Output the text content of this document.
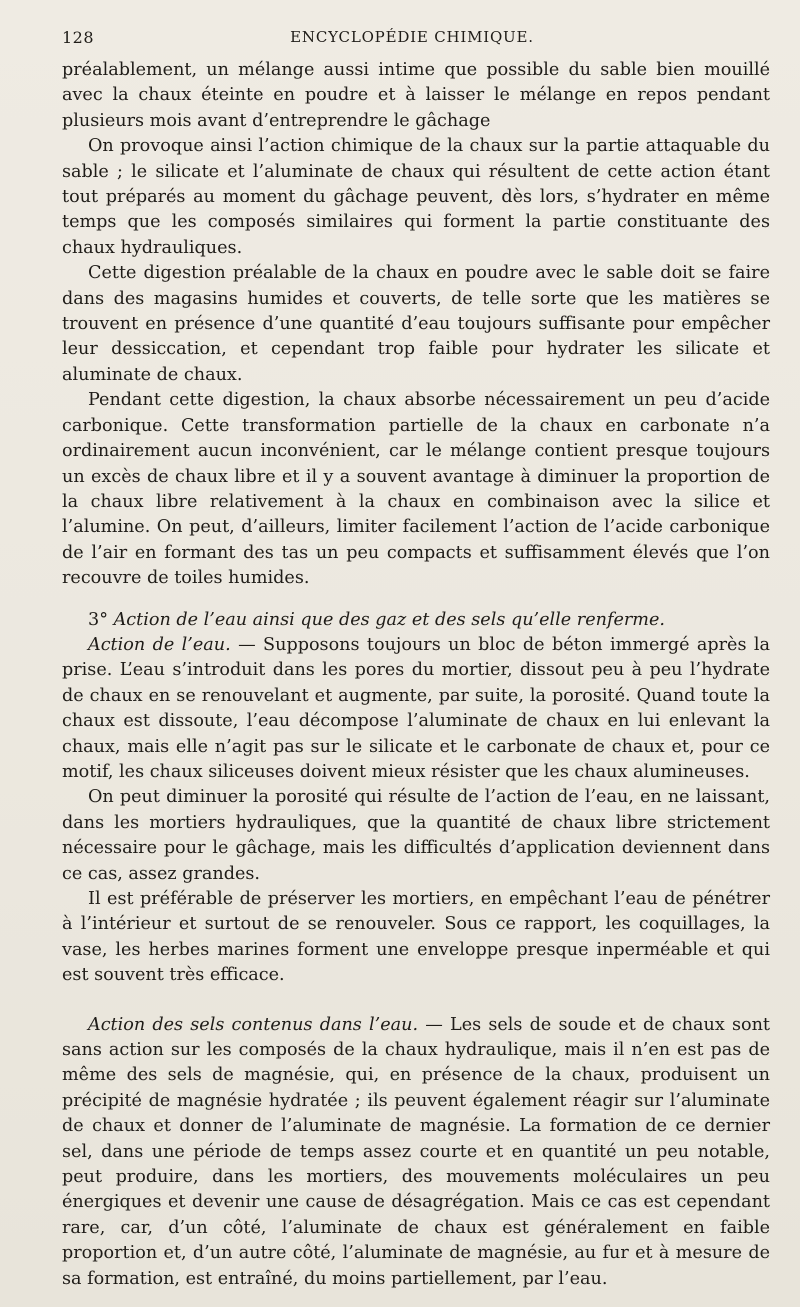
128	ENCYCLOPÉDIE CHIMIQUE.

préalablement, un mélange aussi intime que possible du sable bien mouillé avec la chaux éteinte en poudre et à laisser le mélange en repos pendant plusieurs mois avant d’entreprendre le gâchage

On provoque ainsi l’action chimique de la chaux sur la partie attaquable du sable ; le silicate et l’aluminate de chaux qui résultent de cette action étant tout préparés au moment du gâchage peuvent, dès lors, s’hydrater en même temps que les composés similaires qui forment la partie constituante des chaux hydrauliques.

Cette digestion préalable de la chaux en poudre avec le sable doit se faire dans des magasins humides et couverts, de telle sorte que les matières se trouvent en présence d’une quantité d’eau toujours suffisante pour empêcher leur dessiccation, et cependant trop faible pour hydrater les silicate et aluminate de chaux.

Pendant cette digestion, la chaux absorbe nécessairement un peu d’acide carbonique. Cette transformation partielle de la chaux en carbonate n’a ordinairement aucun inconvénient, car le mélange contient presque toujours un excès de chaux libre et il y a souvent avantage à diminuer la proportion de la chaux libre relativement à la chaux en combinaison avec la silice et l’alumine. On peut, d’ailleurs, limiter facilement l’action de l’acide carbonique de l’air en formant des tas un peu compacts et suffisamment élevés que l’on recouvre de toiles humides.

3° Action de l’eau ainsi que des gaz et des sels qu’elle renferme.

Action de l’eau. — Supposons toujours un bloc de béton immergé après la prise. L’eau s’introduit dans les pores du mortier, dissout peu à peu l’hydrate de chaux en se renouvelant et augmente, par suite, la porosité. Quand toute la chaux est dissoute, l’eau décompose l’aluminate de chaux en lui enlevant la chaux, mais elle n’agit pas sur le silicate et le carbonate de chaux et, pour ce motif, les chaux siliceuses doivent mieux résister que les chaux alumineuses.

On peut diminuer la porosité qui résulte de l’action de l’eau, en ne laissant, dans les mortiers hydrauliques, que la quantité de chaux libre strictement nécessaire pour le gâchage, mais les difficultés d’application deviennent dans ce cas, assez grandes.

Il est préférable de préserver les mortiers, en empêchant l’eau de pénétrer à l’intérieur et surtout de se renouveler. Sous ce rapport, les coquillages, la vase, les herbes marines forment une enveloppe presque inperméable et qui est souvent très efficace.

Action des sels contenus dans l’eau. — Les sels de soude et de chaux sont sans action sur les composés de la chaux hydraulique, mais il n’en est pas de même des sels de magnésie, qui, en présence de la chaux, produisent un précipité de magnésie hydratée ; ils peuvent également réagir sur l’aluminate de chaux et donner de l’aluminate de magnésie. La formation de ce dernier sel, dans une période de temps assez courte et en quantité un peu notable, peut produire, dans les mortiers, des mouvements moléculaires un peu énergiques et devenir une cause de désagrégation. Mais ce cas est cependant rare, car, d’un côté, l’aluminate de chaux est généralement en faible proportion et, d’un autre côté, l’aluminate de magnésie, au fur et à mesure de sa formation, est entraîné, du moins partiellement, par l’eau.
